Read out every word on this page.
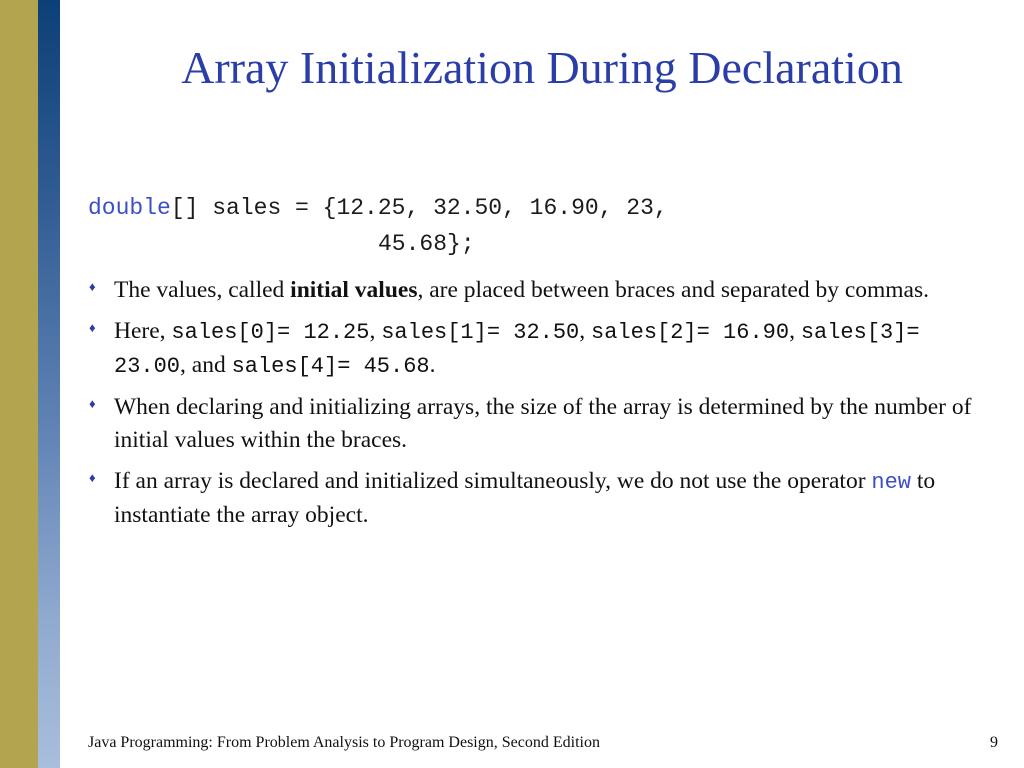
Array Initialization During Declaration
double[] sales = {12.25, 32.50, 16.90, 23,
45.68};
♦ The values, called initial values, are placed between braces and separated by commas.
♦ Here, sales[0]= 12.25, sales[1]= 32.50, sales[2]= 16.90, sales[3]= 23.00, and sales[4]= 45.68.
♦ When declaring and initializing arrays, the size of the array is determined by the number of initial values within the braces.
♦ If an array is declared and initialized simultaneously, we do not use the operator new to instantiate the array object.
Java Programming: From Problem Analysis to Program Design, Second Edition	9
